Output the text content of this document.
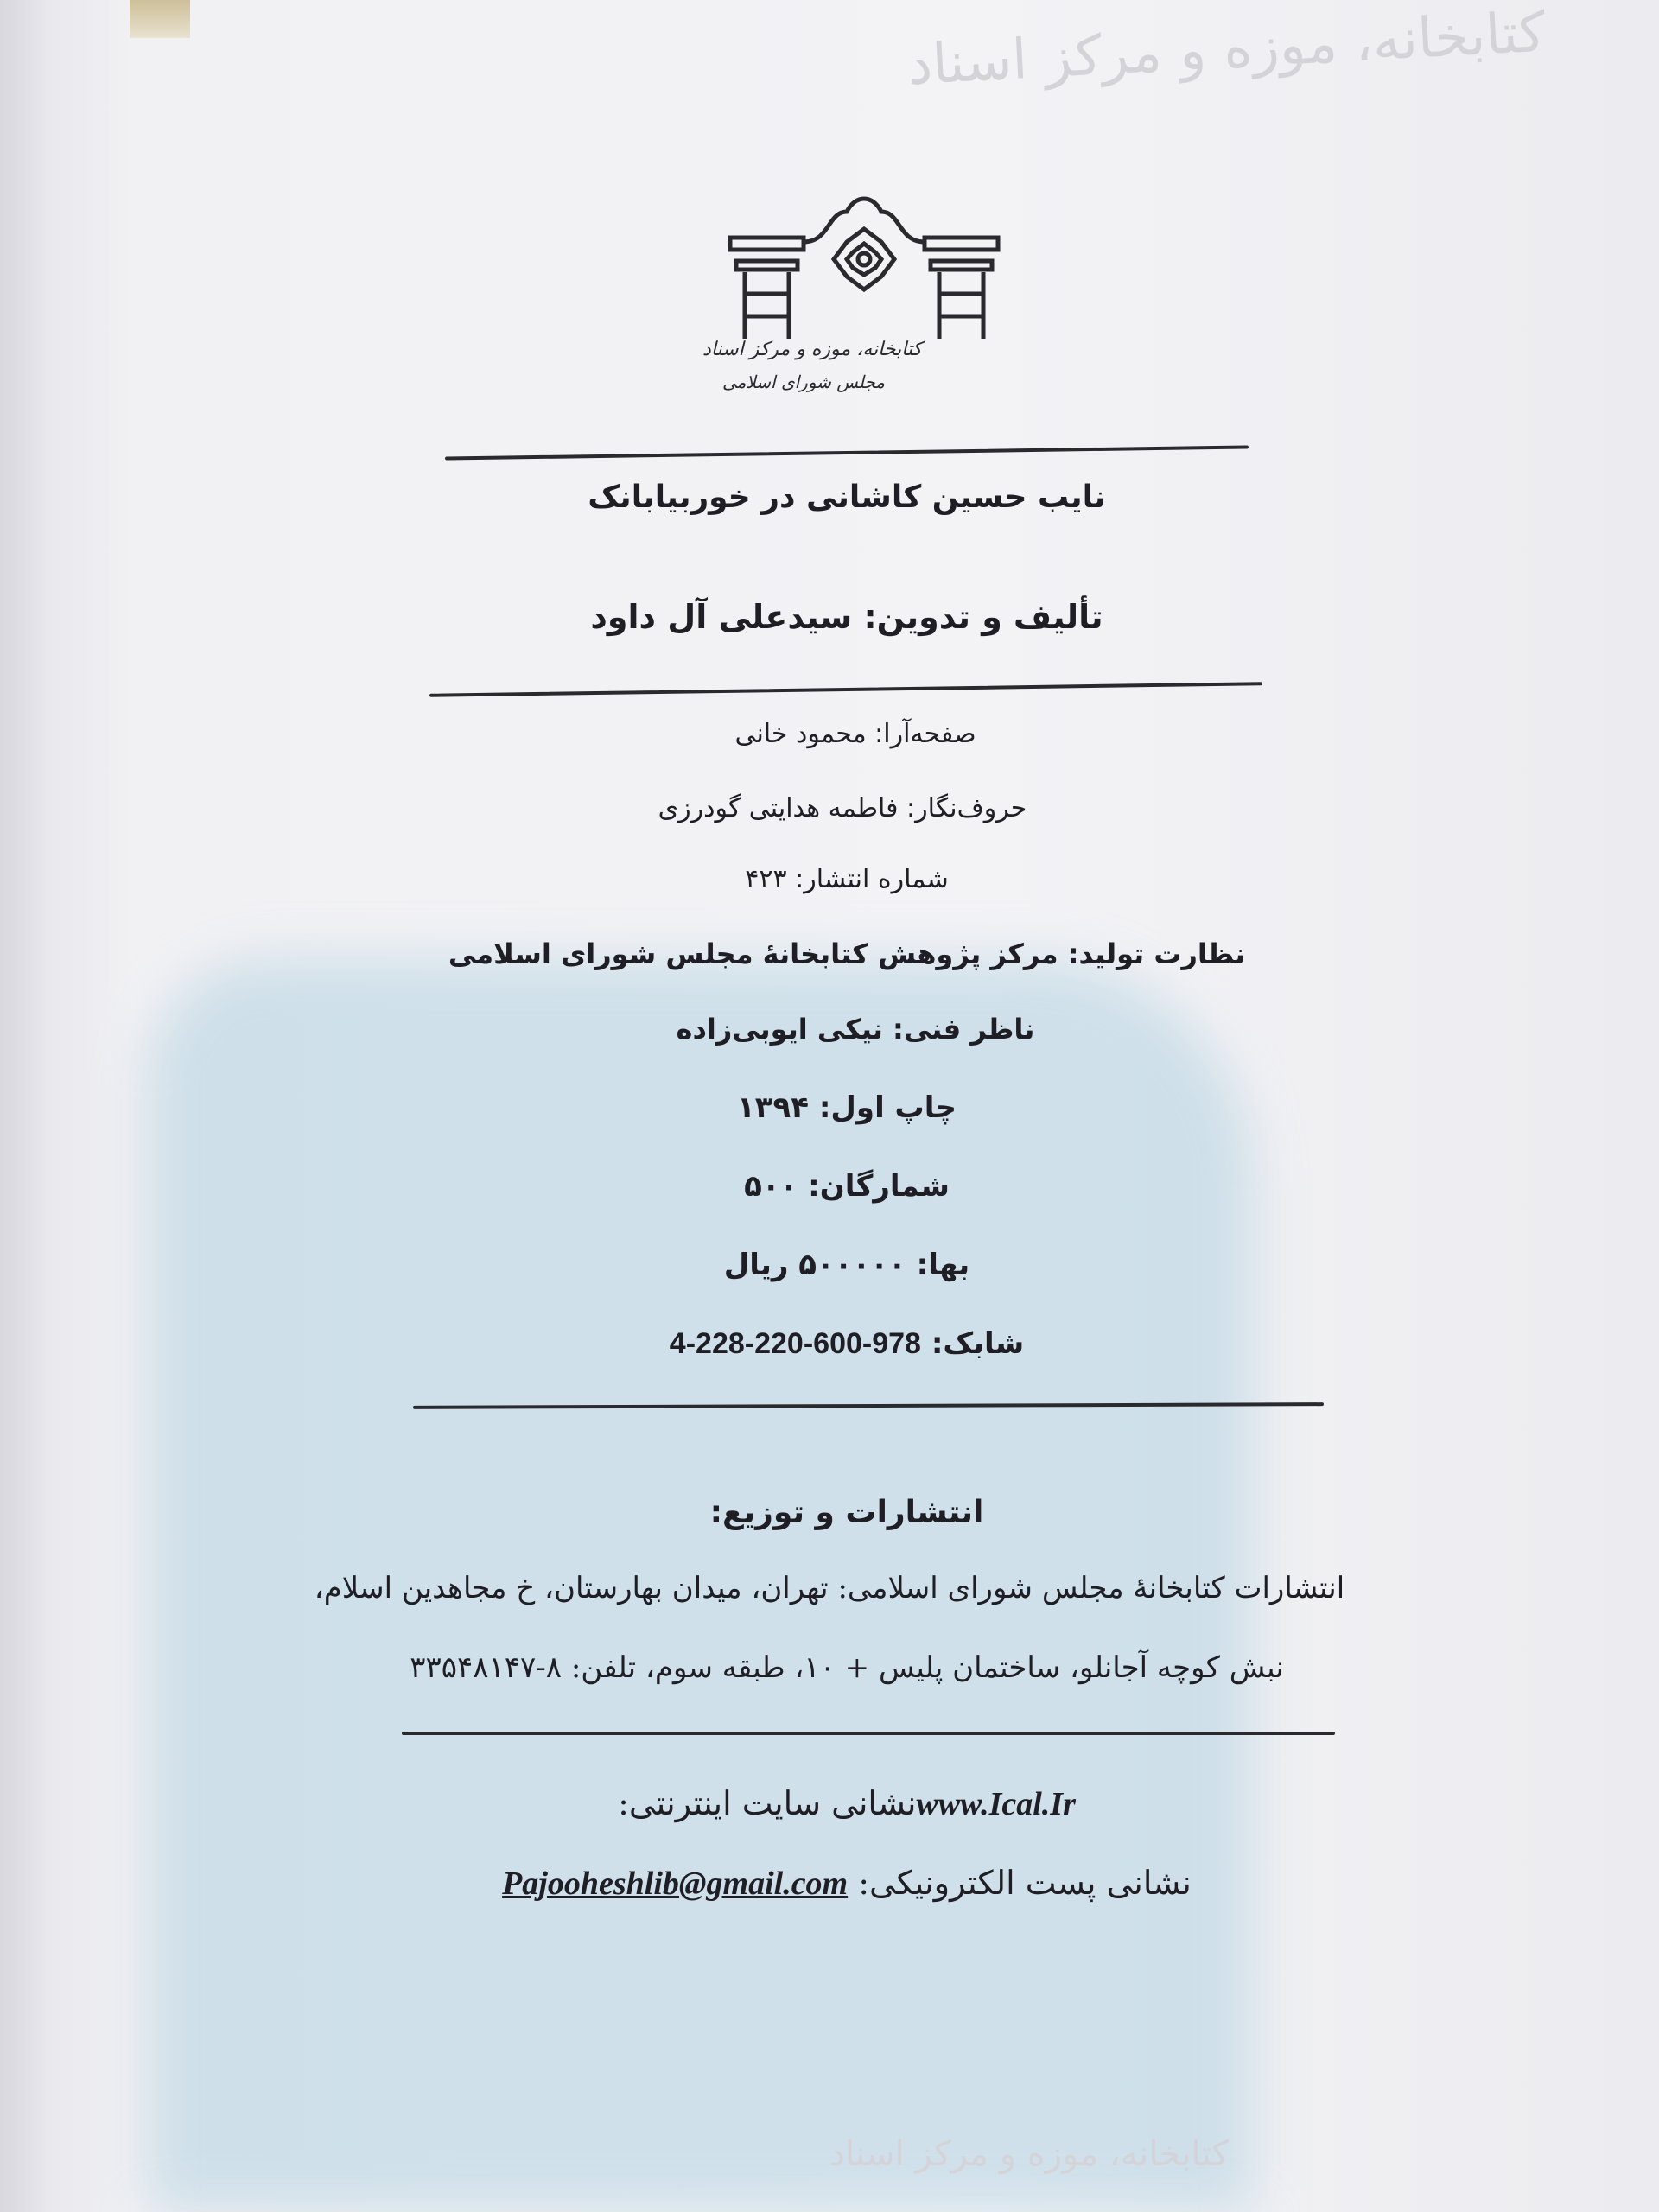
کتابخانه، موزه و مرکز اسناد
کتابخانه، موزه و مرکز اسناد
کتابخانه، موزه و مرکز اسناد
مجلس شورای اسلامی
نایب حسین کاشانی در خوربیابانک
تألیف و تدوین: سیدعلی آل داود
صفحه‌آرا: محمود خانی
حروف‌نگار: فاطمه هدایتی گودرزی
شماره انتشار: ۴۲۳
نظارت تولید: مرکز پژوهش کتابخانهٔ مجلس شورای اسلامی
ناظر فنی: نیکی ایوبی‌زاده
چاپ اول: ۱۳۹۴
شمارگان: ۵۰۰
بها: ۵۰۰۰۰۰ ریال
شابک: 978-600-220-228-4
انتشارات و توزیع:
انتشارات کتابخانهٔ مجلس شورای اسلامی: تهران، میدان بهارستان، خ مجاهدین اسلام،
نبش کوچه آجانلو، ساختمان پلیس + ۱۰، طبقه سوم، تلفن: ۸-۳۳۵۴۸۱۴۷
www.Ical.Irنشانی سایت اینترنتی:
نشانی پست الکترونیکی: Pajooheshlib@gmail.com
